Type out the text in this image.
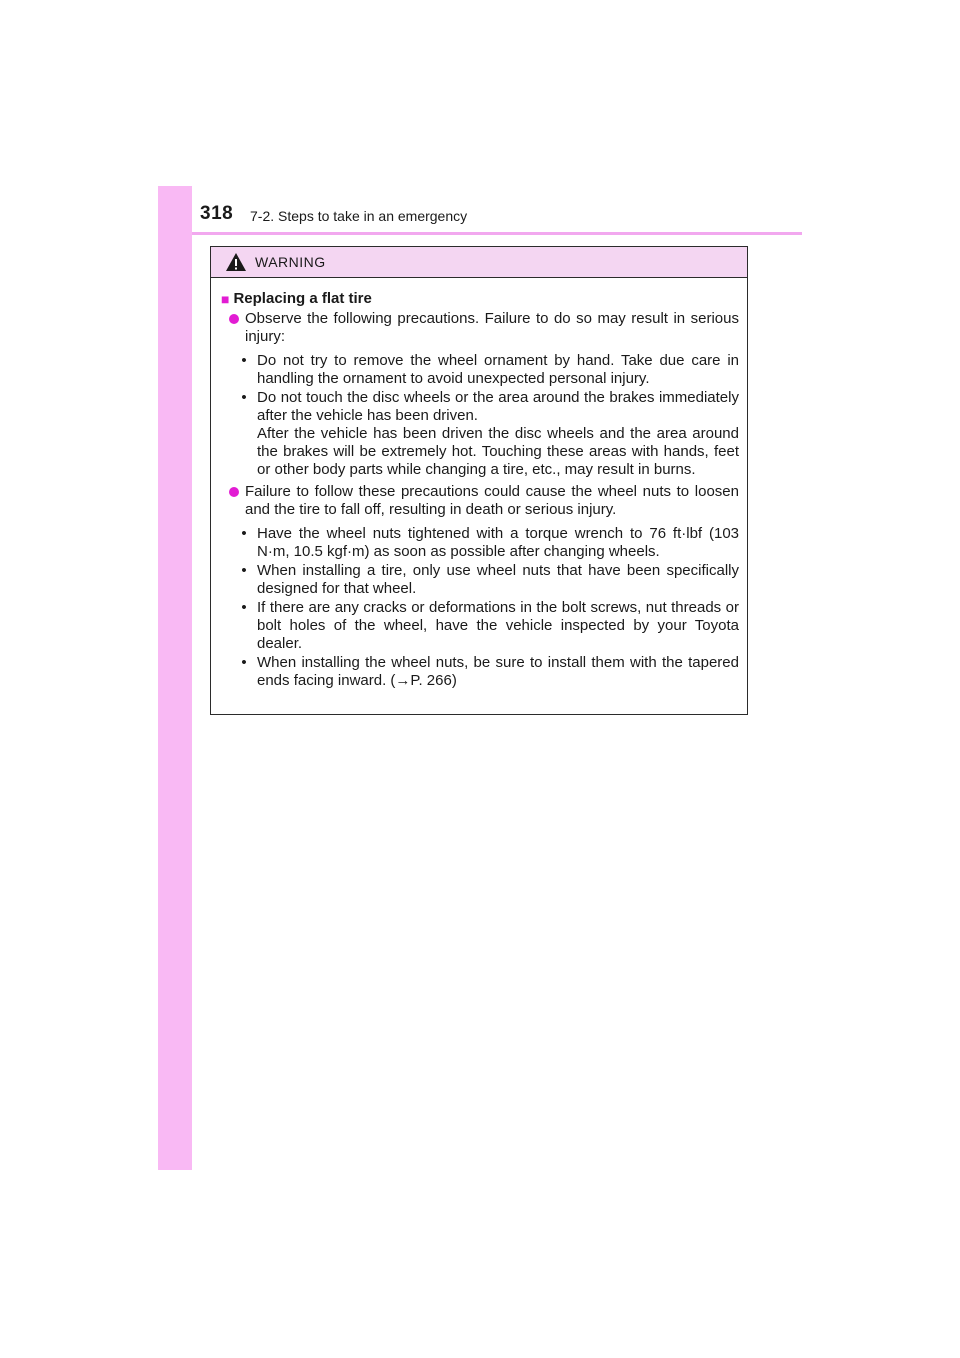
318 7-2. Steps to take in an emergency
WARNING
■ Replacing a flat tire
Observe the following precautions. Failure to do so may result in serious injury:
• Do not try to remove the wheel ornament by hand. Take due care in handling the ornament to avoid unexpected personal injury.
• Do not touch the disc wheels or the area around the brakes immediately after the vehicle has been driven.

After the vehicle has been driven the disc wheels and the area around the brakes will be extremely hot. Touching these areas with hands, feet or other body parts while changing a tire, etc., may result in burns.

Failure to follow these precautions could cause the wheel nuts to loosen and the tire to fall off, resulting in death or serious injury.
• Have the wheel nuts tightened with a torque wrench to 76 ft·lbf (103 N·m, 10.5 kgf·m) as soon as possible after changing wheels.
• When installing a tire, only use wheel nuts that have been specifically designed for that wheel.
• If there are any cracks or deformations in the bolt screws, nut threads or bolt holes of the wheel, have the vehicle inspected by your Toyota dealer.
• When installing the wheel nuts, be sure to install them with the tapered ends facing inward. (→P. 266)
